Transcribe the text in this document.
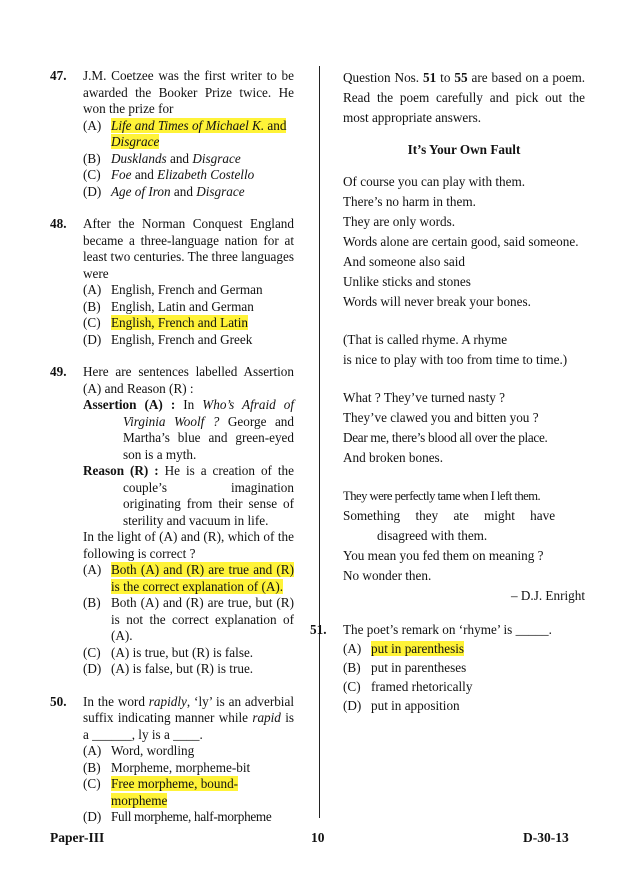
47. J.M. Coetzee was the first writer to be awarded the Booker Prize twice. He won the prize for
(A) Life and Times of Michael K. and Disgrace
(B) Dusklands and Disgrace
(C) Foe and Elizabeth Costello
(D) Age of Iron and Disgrace
48. After the Norman Conquest England became a three-language nation for at least two centuries. The three languages were
(A) English, French and German
(B) English, Latin and German
(C) English, French and Latin
(D) English, French and Greek
49. Here are sentences labelled Assertion (A) and Reason (R) :
Assertion (A) : In Who’s Afraid of Virginia Woolf ? George and Martha’s blue and green-eyed son is a myth.
Reason (R) : He is a creation of the couple’s imagination originating from their sense of sterility and vacuum in life.
In the light of (A) and (R), which of the following is correct ?
(A) Both (A) and (R) are true and (R) is the correct explanation of (A).
(B) Both (A) and (R) are true, but (R) is not the correct explanation of (A).
(C) (A) is true, but (R) is false.
(D) (A) is false, but (R) is true.
50. In the word rapidly, ‘ly’ is an adverbial suffix indicating manner while rapid is a ______, ly is a ____.
(A) Word, wordling
(B) Morpheme, morpheme-bit
(C) Free morpheme, bound-morpheme
(D) Full morpheme, half-morpheme
Question Nos. 51 to 55 are based on a poem. Read the poem carefully and pick out the most appropriate answers.
It’s Your Own Fault
Of course you can play with them.
There’s no harm in them.
They are only words.
Words alone are certain good, said someone.
And someone also said
Unlike sticks and stones
Words will never break your bones.
(That is called rhyme. A rhyme
is nice to play with too from time to time.)
What ? They’ve turned nasty ?
They’ve clawed you and bitten you ?
Dear me, there’s blood all over the place.
And broken bones.
They were perfectly tame when I left them.
Something they ate might have
disagreed with them.
You mean you fed them on meaning ?
No wonder then.
– D.J. Enright
51. The poet’s remark on ‘rhyme’ is _____.
(A) put in parenthesis
(B) put in parentheses
(C) framed rhetorically
(D) put in apposition
Paper-III	10	D-30-13
